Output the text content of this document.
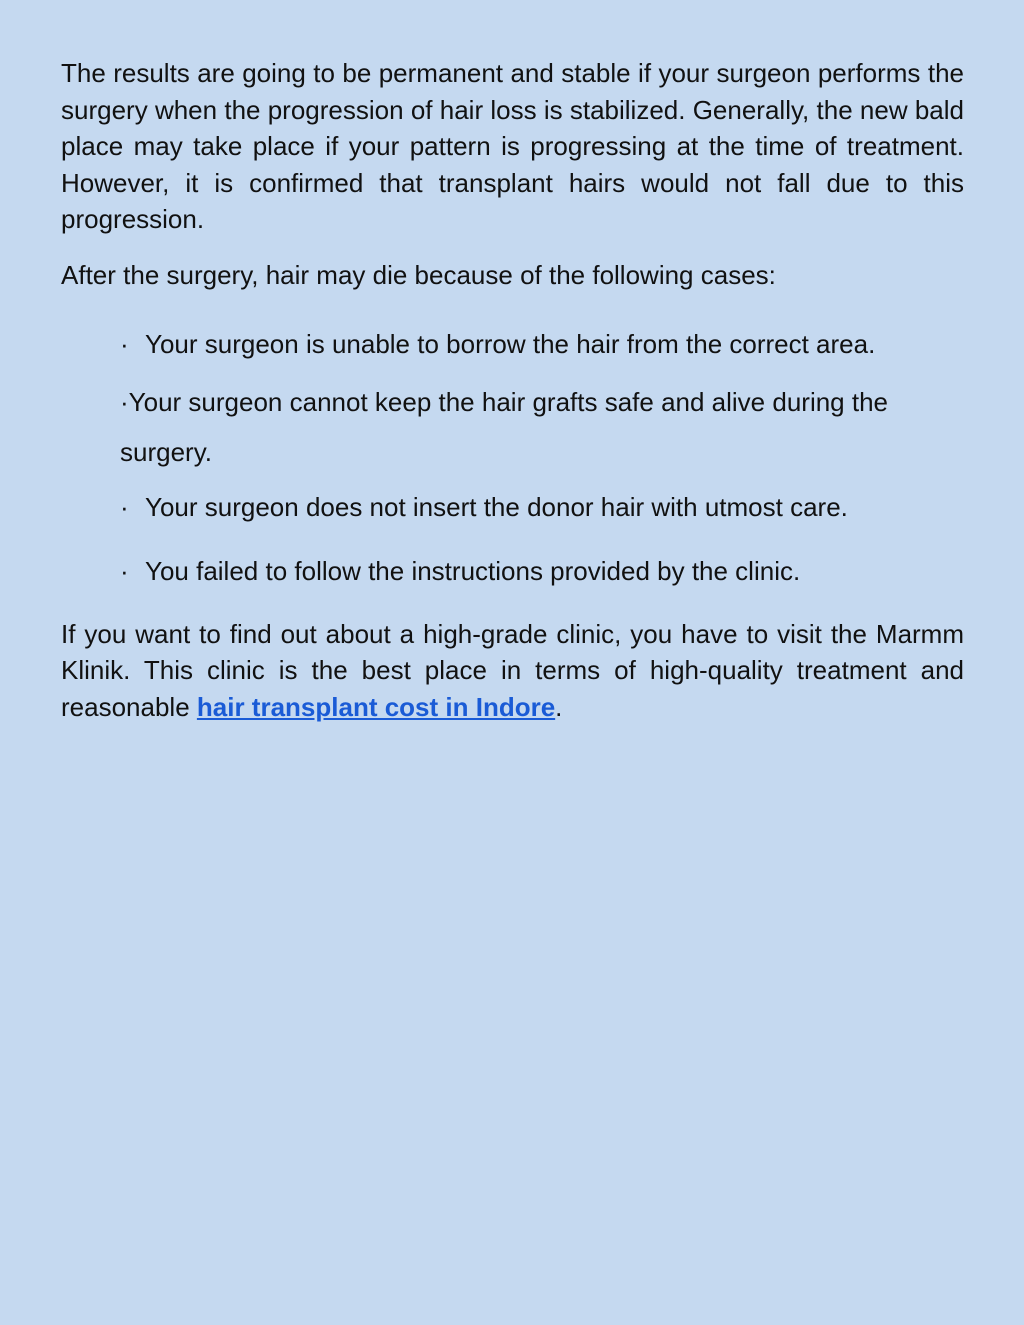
The results are going to be permanent and stable if your surgeon performs the surgery when the progression of hair loss is stabilized. Generally, the new bald place may take place if your pattern is progressing at the time of treatment. However, it is confirmed that transplant hairs would not fall due to this progression.

After the surgery, hair may die because of the following cases:

· Your surgeon is unable to borrow the hair from the correct area.
·Your surgeon cannot keep the hair grafts safe and alive during the surgery.
· Your surgeon does not insert the donor hair with utmost care.
· You failed to follow the instructions provided by the clinic.

If you want to find out about a high-grade clinic, you have to visit the Marmm Klinik. This clinic is the best place in terms of high-quality treatment and reasonable hair transplant cost in Indore.
